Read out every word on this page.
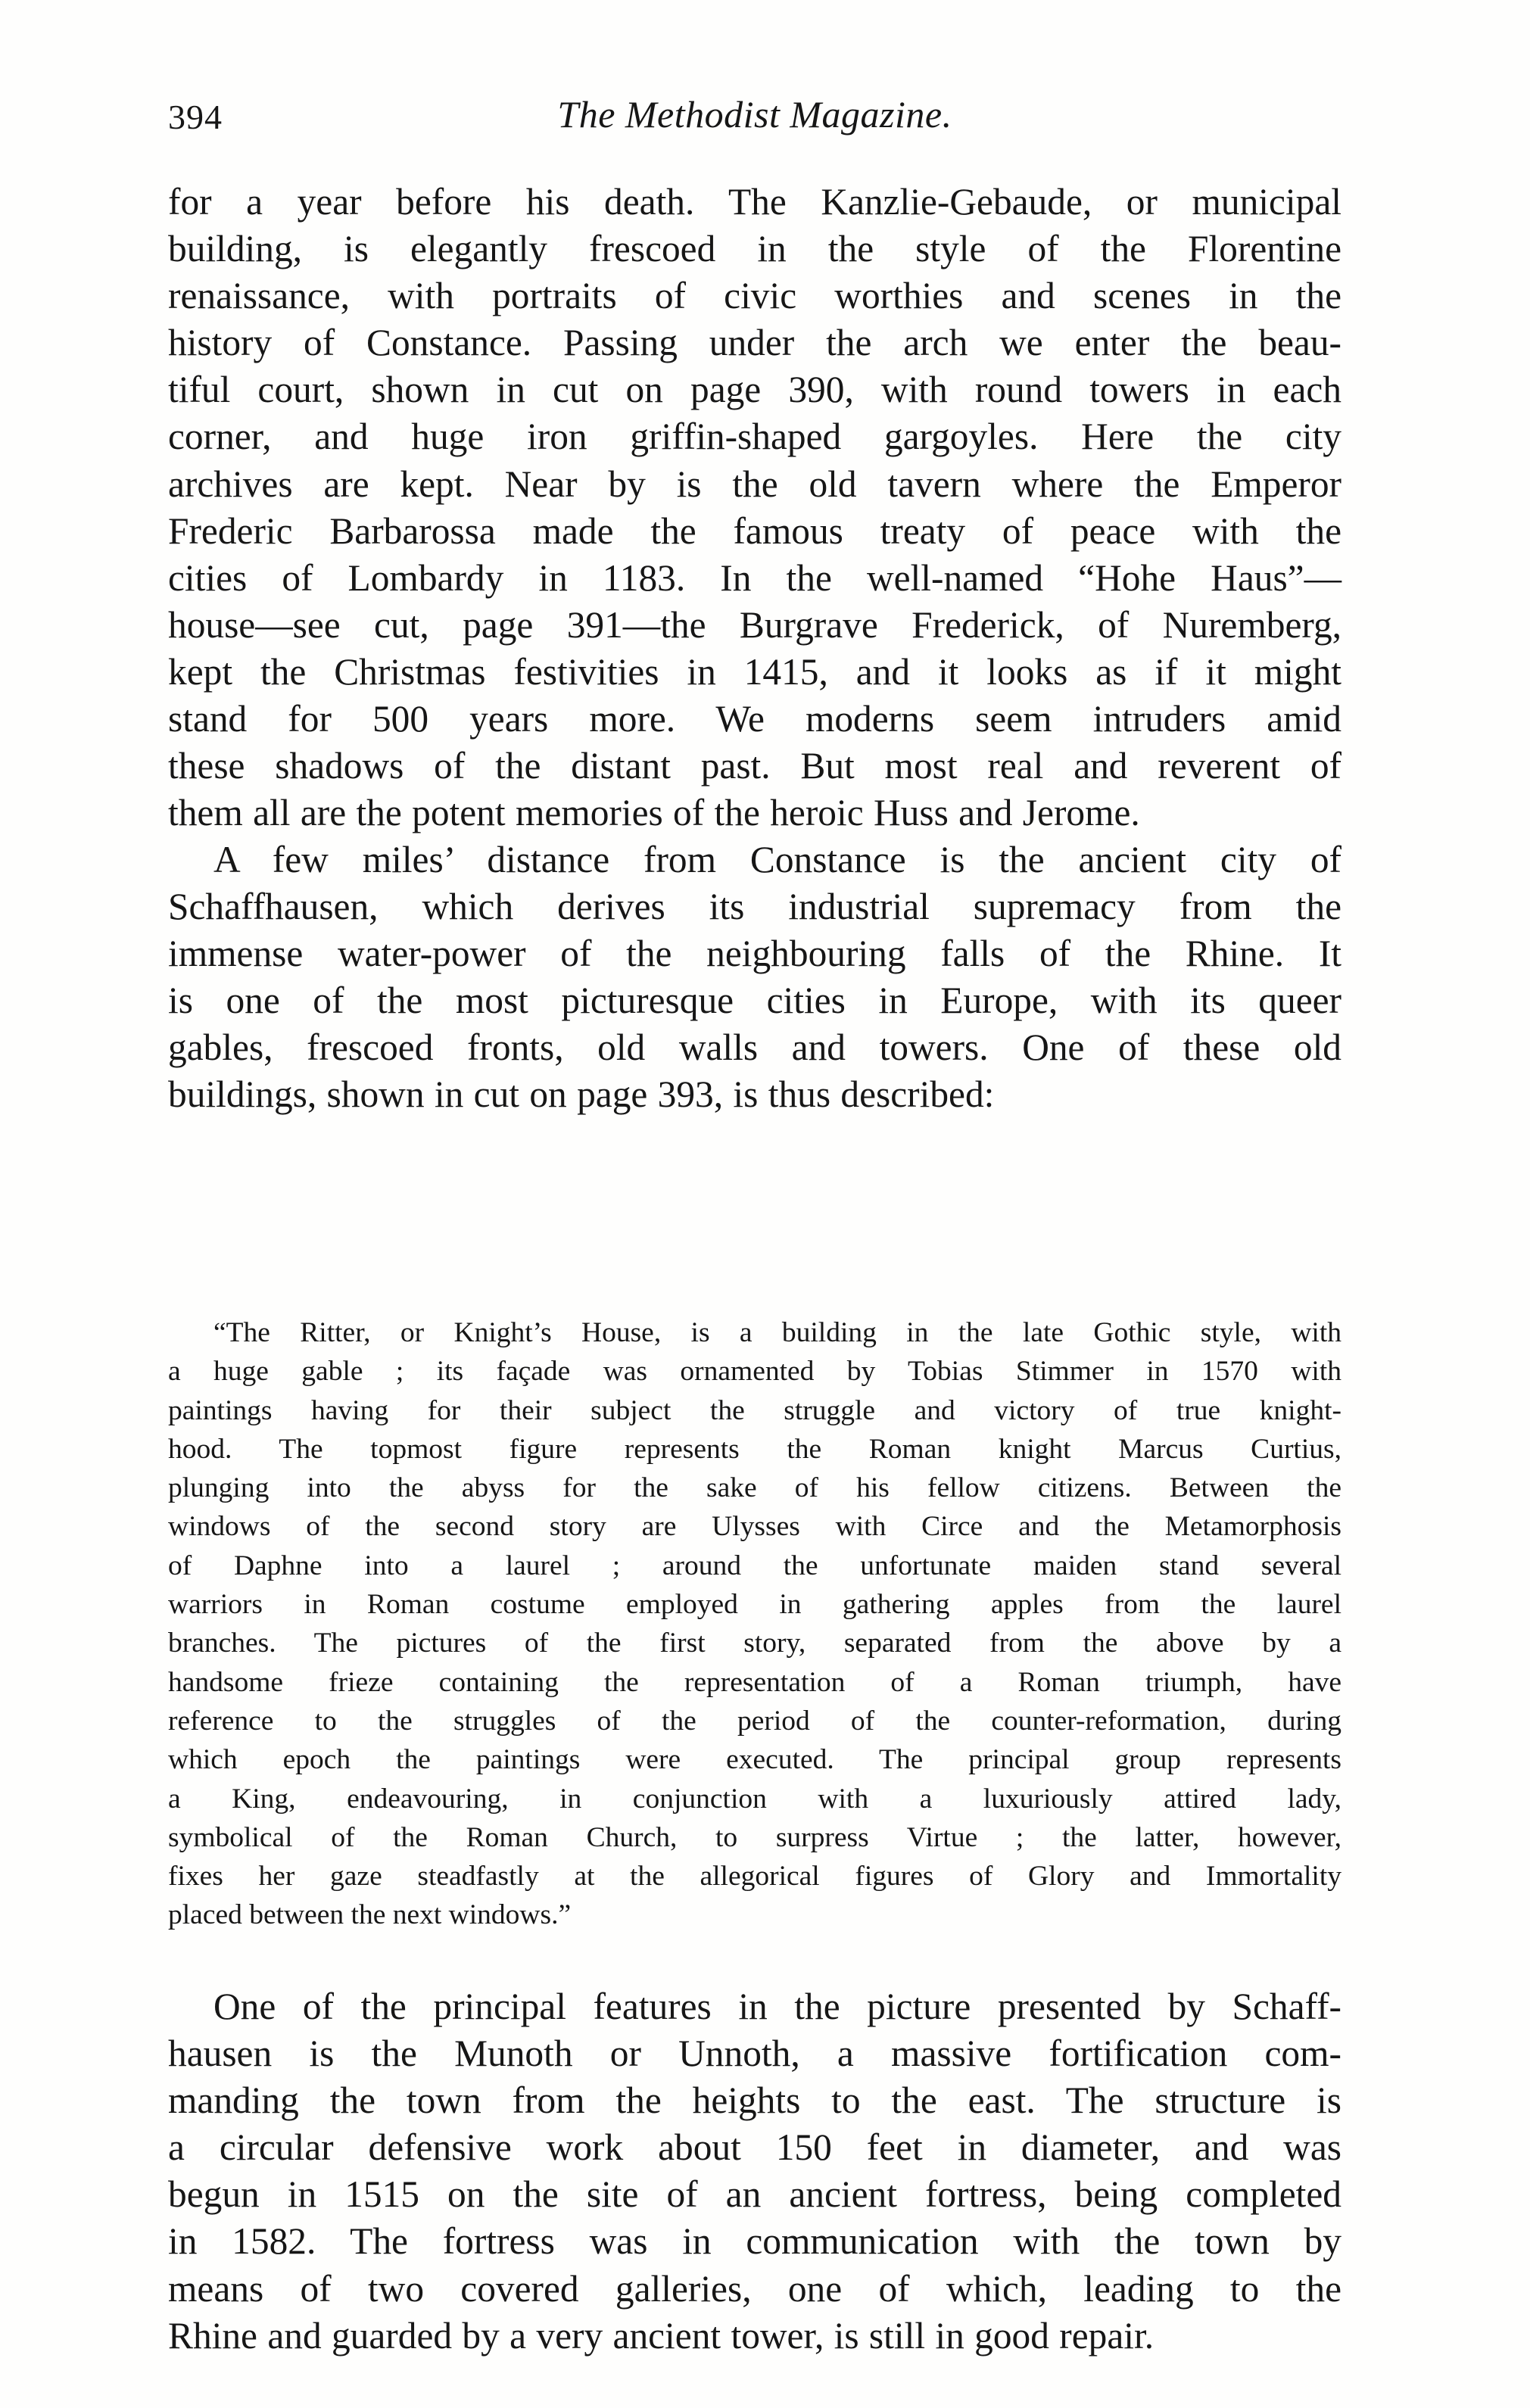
394	The Methodist Magazine.
for a year before his death. The Kanzlie-Gebaude, or municipal
building, is elegantly frescoed in the style of the Florentine
renaissance, with portraits of civic worthies and scenes in the
history of Constance. Passing under the arch we enter the beau-
tiful court, shown in cut on page 390, with round towers in each
corner, and huge iron griffin-shaped gargoyles. Here the city
archives are kept. Near by is the old tavern where the Emperor
Frederic Barbarossa made the famous treaty of peace with the
cities of Lombardy in 1183. In the well-named “Hohe Haus”—
house—see cut, page 391—the Burgrave Frederick, of Nuremberg,
kept the Christmas festivities in 1415, and it looks as if it might
stand for 500 years more. We moderns seem intruders amid
these shadows of the distant past. But most real and reverent of
them all are the potent memories of the heroic Huss and Jerome.
A few miles’ distance from Constance is the ancient city of
Schaffhausen, which derives its industrial supremacy from the
immense water-power of the neighbouring falls of the Rhine. It
is one of the most picturesque cities in Europe, with its queer
gables, frescoed fronts, old walls and towers. One of these old
buildings, shown in cut on page 393, is thus described:
“The Ritter, or Knight’s House, is a building in the late Gothic style, with
a huge gable ; its façade was ornamented by Tobias Stimmer in 1570 with
paintings having for their subject the struggle and victory of true knight-
hood. The topmost figure represents the Roman knight Marcus Curtius,
plunging into the abyss for the sake of his fellow citizens. Between the
windows of the second story are Ulysses with Circe and the Metamorphosis
of Daphne into a laurel ; around the unfortunate maiden stand several
warriors in Roman costume employed in gathering apples from the laurel
branches. The pictures of the first story, separated from the above by a
handsome frieze containing the representation of a Roman triumph, have
reference to the struggles of the period of the counter-reformation, during
which epoch the paintings were executed. The principal group represents
a King, endeavouring, in conjunction with a luxuriously attired lady,
symbolical of the Roman Church, to surpress Virtue ; the latter, however,
fixes her gaze steadfastly at the allegorical figures of Glory and Immortality
placed between the next windows.”
One of the principal features in the picture presented by Schaff-
hausen is the Munoth or Unnoth, a massive fortification com-
manding the town from the heights to the east. The structure is
a circular defensive work about 150 feet in diameter, and was
begun in 1515 on the site of an ancient fortress, being completed
in 1582. The fortress was in communication with the town by
means of two covered galleries, one of which, leading to the
Rhine and guarded by a very ancient tower, is still in good repair.
